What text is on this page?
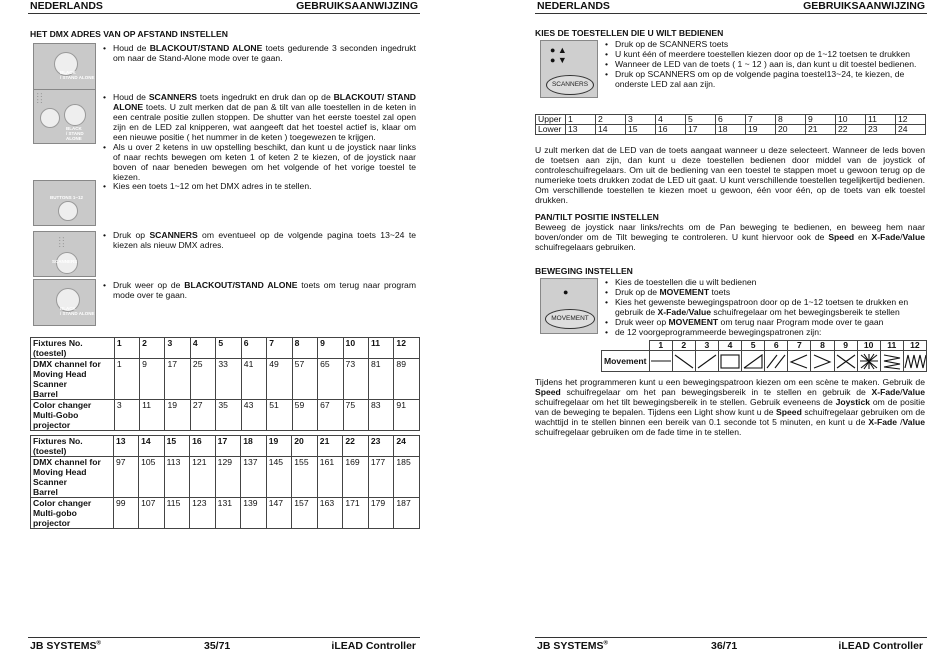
NEDERLANDS	GEBRUIKSAANWIJZING
HET DMX ADRES VAN OP AFSTAND INSTELLEN
BLACK
/ STAND ALONE
: :
: :
BLACK
/ STAND ALONE
BUTTONS 1~12
: :
: :
SCANNERS
BLACK
/ STAND ALONE
• Houd de BLACKOUT/STAND ALONE toets gedurende 3 seconden ingedrukt om naar de Stand-Alone mode over te gaan.
• Houd de SCANNERS toets ingedrukt en druk dan op de BLACKOUT/ STAND ALONE toets. U zult merken dat de pan & tilt van alle toestellen in de keten in een centrale positie zullen stoppen. De shutter van het eerste toestel zal open zijn en de LED zal knipperen, wat aangeeft dat het toestel actief is, klaar om een nieuwe positie ( het nummer in de keten ) toegewezen te krijgen.
• Als u over 2 ketens in uw opstelling beschikt, dan kunt u de joystick naar links of naar rechts bewegen om keten 1 of keten 2 te kiezen, of de joystick naar boven of naar beneden bewegen om het volgende of het vorige toestel te kiezen.
• Kies een toets 1~12 om het DMX adres in te stellen.
• Druk op SCANNERS om eventueel op de volgende pagina toets 13~24 te kiezen als nieuw DMX adres.
• Druk weer op de BLACKOUT/STAND ALONE toets om terug naar program mode over te gaan.
Fixtures No.
(toestel)	1	2	3	4	5	6	7	8	9	10	11	12
DMX channel for
Moving Head
Scanner
Barrel	1	9	17	25	33	41	49	57	65	73	81	89
Color changer
Multi-Gobo
projector	3	11	19	27	35	43	51	59	67	75	83	91
Fixtures No.
(toestel)	13	14	15	16	17	18	19	20	21	22	23	24
DMX channel for
Moving Head
Scanner
Barrel	97	105	113	121	129	137	145	155	161	169	177	185
Color changer
Multi-gobo
projector	99	107	115	123	131	139	147	157	163	171	179	187
JB SYSTEMS®	35/71	iLEAD Controller
NEDERLANDS	GEBRUIKSAANWIJZING
KIES DE TOESTELLEN DIE U WILT BEDIENEN
● ▲
● ▼
SCANNERS
• Druk op de SCANNERS toets
• U kunt één of meerdere toestellen kiezen door op de 1~12 toetsen te drukken
• Wanneer de LED van de toets ( 1 ~ 12 ) aan is, dan kunt u dit toestel bedienen.
• Druk op SCANNERS om op de volgende pagina toestel13~24, te kiezen, de onderste LED zal aan zijn.
Upper	1	2	3	4	5	6	7	8	9	10	11	12
Lower	13	14	15	16	17	18	19	20	21	22	23	24
U zult merken dat de LED van de toets aangaat wanneer u deze selecteert. Wanneer de leds boven de toetsen aan zijn, dan kunt u deze toestellen bedienen door middel van de joystick of controleschuifregelaars. Om uit de bediening van een toestel te stappen moet u gewoon terug op de numerieke toets drukken zodat de LED uit gaat. U kunt verschillende toestellen tegelijkertijd bedienen. Om verschillende toestellen te kiezen moet u gewoon, één voor één, op de toets van elk toestel drukken.
PAN/TILT POSITIE INSTELLEN
Beweeg de joystick naar links/rechts om de Pan beweging te bedienen, en beweeg hem naar boven/onder om de Tilt beweging te controleren. U kunt hiervoor ook de Speed en X-Fade/Value schuifregelaars gebruiken.
BEWEGING INSTELLEN
●
MOVEMENT
• Kies de toestellen die u wilt bedienen
• Druk op de MOVEMENT toets
• Kies het gewenste bewegingspatroon door op de 1~12 toetsen te drukken en gebruik de X-Fade/Value schuifregelaar om het bewegingsbereik te stellen
• Druk weer op MOVEMENT om terug naar Program mode over te gaan
• de 12 voorgeprogrammeerde bewegingspatronen zijn:
	1	2	3	4	5	6	7	8	9	10	11	12
Movement	

Tijdens het programmeren kunt u een bewegingspatroon kiezen om een scène te maken. Gebruik de Speed schuifregelaar om het pan bewegingsbereik in te stellen en gebruik de X-Fade/Value schuifregelaar om het tilt bewegingsbereik in te stellen. Gebruik eveneens de Joystick om de positie van de beweging te bepalen. Tijdens een Light show kunt u de Speed schuifregelaar gebruiken om de wachttijd in te stellen binnen een bereik van 0.1 seconde tot 5 minuten, en kunt u de X-Fade /Value schuifregelaar gebruiken om de fade time in te stellen.
JB SYSTEMS®	36/71	iLEAD Controller
